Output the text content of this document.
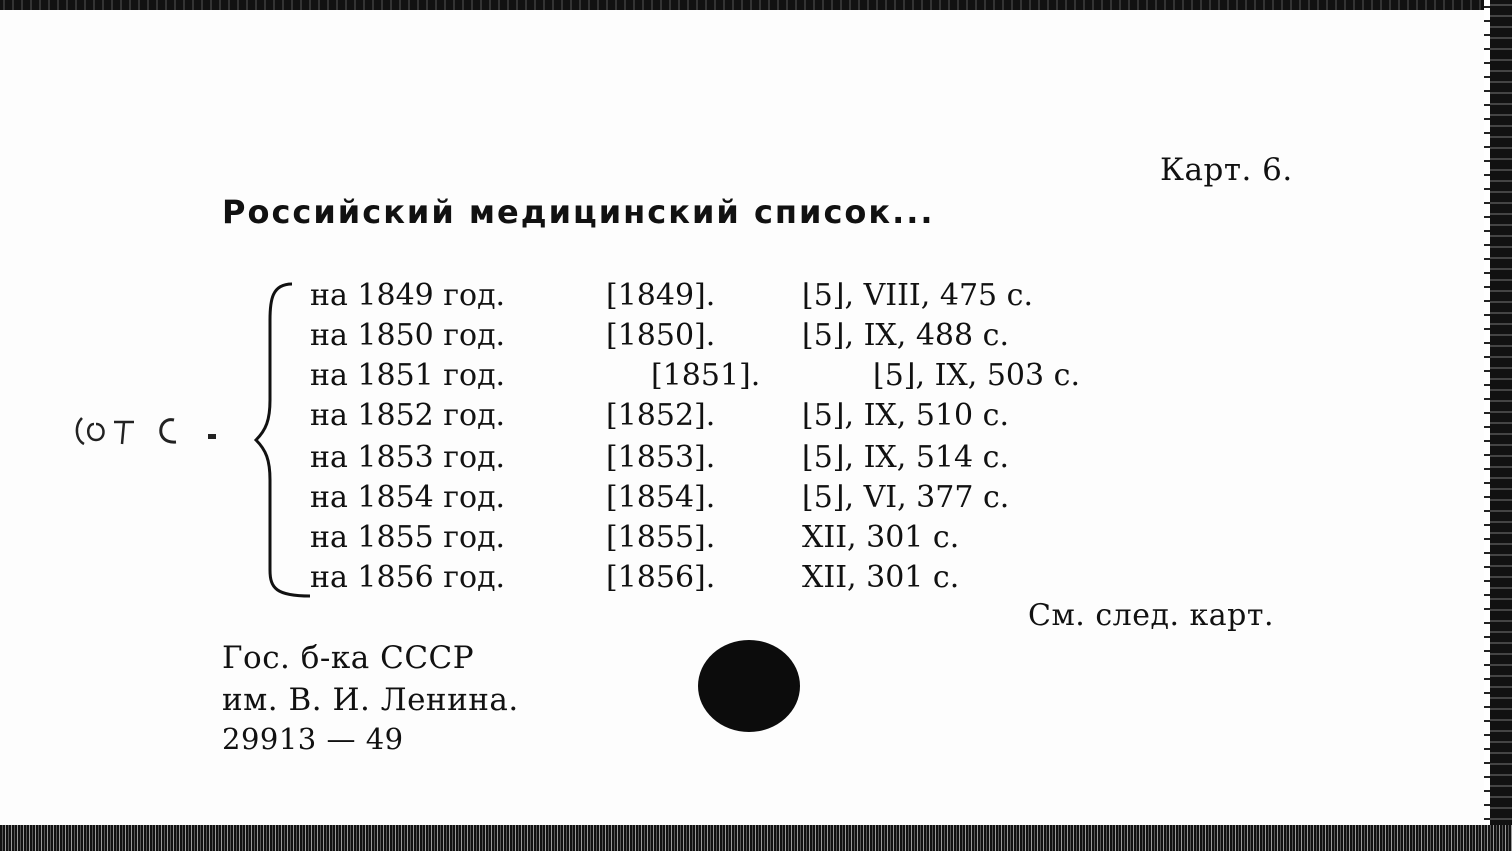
Карт. 6.
Российский медицинский список...
на 1849 год.	[1849].	⌊5⌋, VIII, 475 с.
на 1850 год.	[1850].	⌊5⌋, IX, 488 с.
на 1851 год.	[1851].	⌊5⌋, IX, 503 с.
на 1852 год.	[1852].	⌊5⌋, IX, 510 с.
на 1853 год.	[1853].	⌊5⌋, IX, 514 с.
на 1854 год.	[1854].	⌊5⌋, VI, 377 с.
на 1855 год.	[1855].	XII, 301 с.
на 1856 год.	[1856].	XII, 301 с.
См. след. карт.
Гос. б-ка СССР
им. В. И. Ленина.
29913 — 49
